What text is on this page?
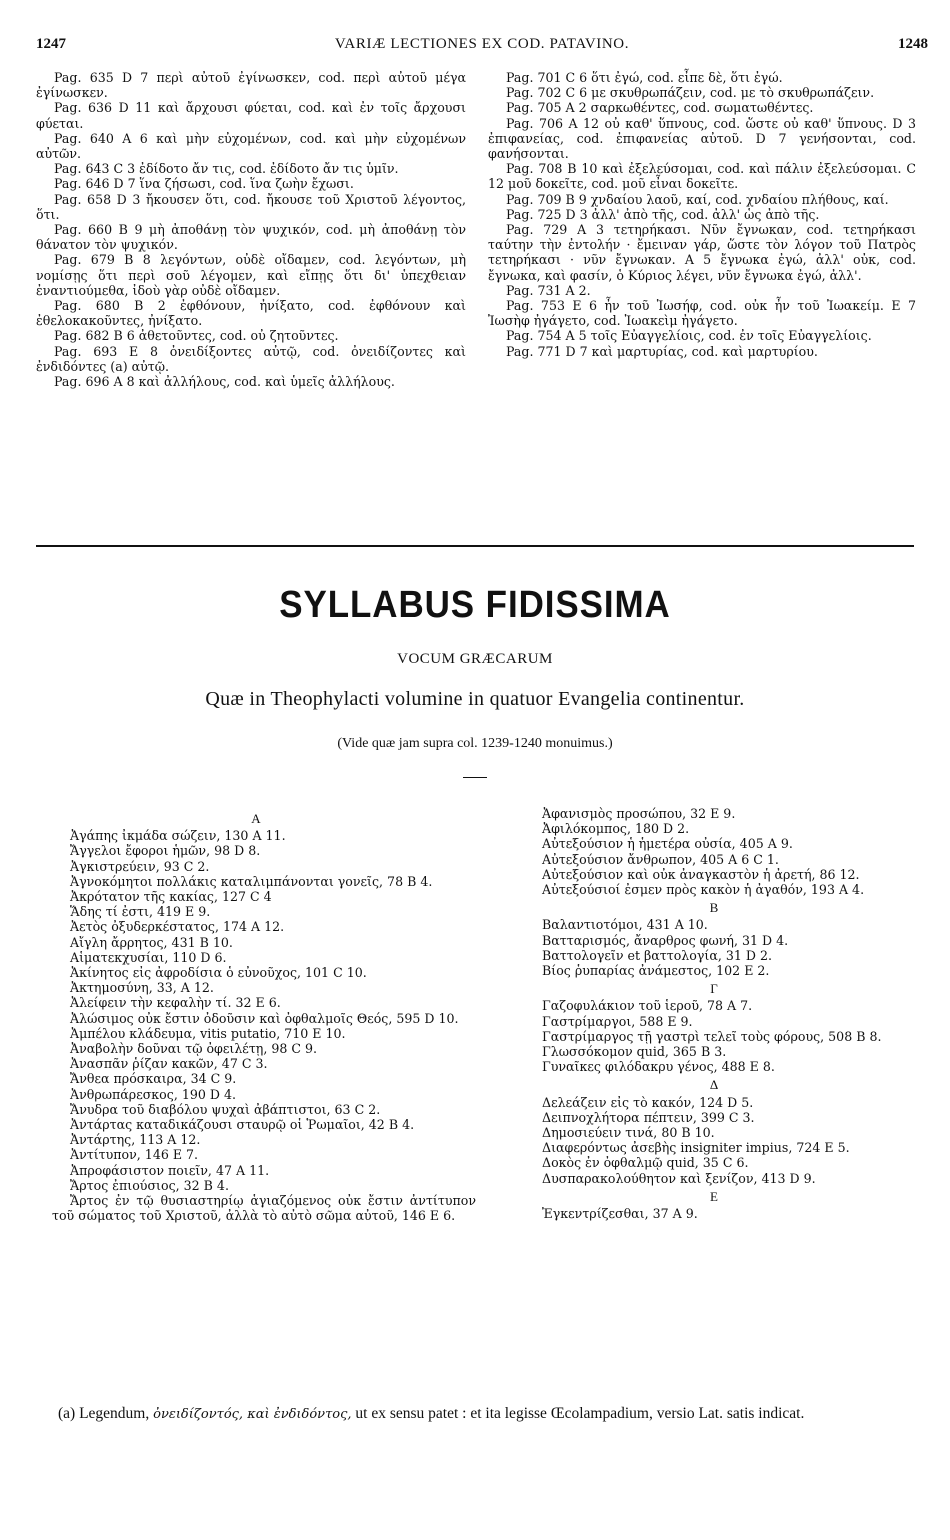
1247	VARIÆ LECTIONES EX COD. PATAVINO.	1248

Pag. 635 D 7 περὶ αὐτοῦ ἐγίνωσκεν, cod. περὶ αὐτοῦ μέγα ἐγίνωσκεν.

Pag. 636 D 11 καὶ ἄρχουσι φύεται, cod. καὶ ἐν τοῖς ἄρχουσι φύεται.

Pag. 640 A 6 καὶ μὴν εὐχομένων, cod. καὶ μὴν εὐχομένων αὐτῶν.

Pag. 643 C 3 ἐδίδοτο ἄν τις, cod. ἐδίδοτο ἄν τις ὑμῖν.

Pag. 646 D 7 ἵνα ζήσωσι, cod. ἵνα ζωὴν ἔχωσι.

Pag. 658 D 3 ἤκουσεν ὅτι, cod. ἤκουσε τοῦ Χριστοῦ λέγοντος, ὅτι.

Pag. 660 B 9 μὴ ἀποθάνῃ τὸν ψυχικόν, cod. μὴ ἀποθάνῃ τὸν θάνατον τὸν ψυχικόν.

Pag. 679 B 8 λεγόντων, οὐδὲ οἴδαμεν, cod. λεγόντων, μὴ νομίσῃς ὅτι περὶ σοῦ λέγομεν, καὶ εἴπῃς ὅτι δι' ὑπεχθειαν ἐναντιούμεθα, ἰδοὺ γὰρ οὐδὲ οἴδαμεν.

Pag. 680 B 2 ἐφθόνουν, ἠνίξατο, cod. ἐφθόνουν καὶ ἐθελοκακοῦντες, ἠνίξατο.

Pag. 682 B 6 ἀθετοῦντες, cod. οὐ ζητοῦντες.

Pag. 693 E 8 ὀνειδίξοντες αὐτῷ, cod. ὀνειδίζοντες καὶ ἐνδιδόντες (a) αὐτῷ.

Pag. 696 A 8 καὶ ἀλλήλους, cod. καὶ ὑμεῖς ἀλλήλους.

Pag. 701 C 6 ὅτι ἐγώ, cod. εἶπε δὲ, ὅτι ἐγώ.

Pag. 702 C 6 με σκυθρωπάζειν, cod. με τὸ σκυθρωπάζειν.

Pag. 705 A 2 σαρκωθέντες, cod. σωματωθέντες.

Pag. 706 A 12 οὐ καθ' ὕπνους, cod. ὥστε οὐ καθ' ὕπνους. D 3 ἐπιφανείας, cod. ἐπιφανείας αὐτοῦ. D 7 γενήσονται, cod. φανήσονται.

Pag. 708 B 10 καὶ ἐξελεύσομαι, cod. καὶ πάλιν ἐξελεύσομαι. C 12 μοῦ δοκεῖτε, cod. μοῦ εἶναι δοκεῖτε.

Pag. 709 B 9 χνδαίου λαοῦ, καί, cod. χνδαίου πλήθους, καί.

Pag. 725 D 3 ἀλλ' ἀπὸ τῆς, cod. ἀλλ' ὡς ἀπὸ τῆς.

Pag. 729 A 3 τετηρήκασι. Νῦν ἔγνωκαν, cod. τετηρήκασι ταύτην τὴν ἐντολήν · ἔμειναν γάρ, ὥστε τὸν λόγον τοῦ Πατρὸς τετηρήκασι · νῦν ἔγνωκαν. A 5 ἔγνωκα ἐγώ, ἀλλ' οὐκ, cod. ἔγνωκα, καὶ φασίν, ὁ Κύριος λέγει, νῦν ἔγνωκα ἐγώ, ἀλλ'.

Pag. 731 A 2.

Pag. 753 E 6 ἦν τοῦ Ἰωσήφ, cod. οὐκ ἦν τοῦ Ἰωακείμ. E 7 Ἰωσὴφ ἠγάγετο, cod. Ἰωακεὶμ ἠγάγετο.

Pag. 754 A 5 τοῖς Εὐαγγελίοις, cod. ἐν τοῖς Εὐαγγελίοις.

Pag. 771 D 7 καὶ μαρτυρίας, cod. καὶ μαρτυρίου.

SYLLABUS FIDISSIMA
VOCUM GRÆCARUM
Quæ in Theophylacti volumine in quatuor Evangelia continentur.
(Vide quæ jam supra col. 1239-1240 monuimus.)
A

Ἀγάπης ἰκμάδα σώζειν, 130 A 11.

Ἄγγελοι ἔφοροι ἡμῶν, 98 D 8.

Ἀγκιστρεύειν, 93 C 2.

Ἀγνοκόμητοι πολλάκις καταλιμπάνονται γονεῖς, 78 B 4.

Ἀκρότατον τῆς κακίας, 127 C 4

Ἅδης τί ἐστι, 419 E 9.

Ἀετὸς ὀξυδερκέστατος, 174 A 12.

Αἴγλη ἄρρητος, 431 B 10.

Αἱματεκχυσίαι, 110 D 6.

Ἀκίνητος εἰς ἀφροδίσια ὁ εὐνοῦχος, 101 C 10.

Ἀκτημοσύνη, 33, A 12.

Ἀλείφειν τὴν κεφαλὴν τί. 32 E 6.

Ἀλώσιμος οὐκ ἔστιν ὀδοῦσιν καὶ ὀφθαλμοῖς Θεός, 595 D 10.

Ἀμπέλου κλάδευμα, vitis putatio, 710 E 10.

Ἀναβολὴν δοῦναι τῷ ὀφειλέτῃ, 98 C 9.

Ἀνασπᾶν ῥίζαν κακῶν, 47 C 3.

Ἄνθεα πρόσκαιρα, 34 C 9.

Ἀνθρωπάρεσκος, 190 D 4.

Ἄνυδρα τοῦ διαβόλου ψυχαὶ ἀβάπτιστοι, 63 C 2.

Ἀντάρτας καταδικάζουσι σταυρῷ οἱ Ῥωμαῖοι, 42 B 4.

Ἀντάρτης, 113 A 12.

Ἀντίτυπον, 146 E 7.

Ἀπροφάσιστον ποιεῖν, 47 A 11.

Ἄρτος ἐπιούσιος, 32 B 4.

Ἄρτος ἐν τῷ θυσιαστηρίῳ ἁγιαζόμενος οὐκ ἔστιν ἀντίτυπον τοῦ σώματος τοῦ Χριστοῦ, ἀλλὰ τὸ αὐτὸ σῶμα αὐτοῦ, 146 E 6.

Ἀφανισμὸς προσώπου, 32 E 9.

Ἀφιλόκομπος, 180 D 2.

Αὐτεξούσιον ἡ ἡμετέρα οὐσία, 405 A 9.

Αὐτεξούσιον ἄνθρωπον, 405 A 6 C 1.

Αὐτεξούσιον καὶ οὐκ ἀναγκαστὸν ἡ ἀρετή, 86 12.

Αὐτεξούσιοί ἐσμεν πρὸς κακὸν ἡ ἀγαθόν, 193 A 4.

B

Βαλαντιοτόμοι, 431 A 10.

Βατταρισμός, ἄναρθρος φωνή, 31 D 4.

Βαττολογεῖν et βαττολογία, 31 D 2.

Βίος ῥυπαρίας ἀνάμεστος, 102 E 2.

Γ

Γαζοφυλάκιον τοῦ ἱεροῦ, 78 A 7.

Γαστρίμαργοι, 588 E 9.

Γαστρίμαργος τῇ γαστρὶ τελεῖ τοὺς φόρους, 508 B 8.

Γλωσσόκομον quid, 365 B 3.

Γυναῖκες φιλόδακρυ γένος, 488 E 8.

Δ

Δελεάζειν εἰς τὸ κακόν, 124 D 5.

Δειπνοχλήτορα πέπτειν, 399 C 3.

Δημοσιεύειν τινά, 80 B 10.

Διαφερόντως ἀσεβὴς insigniter impius, 724 E 5.

Δοκὸς ἐν ὀφθαλμῷ quid, 35 C 6.

Δυσπαρακολούθητον καὶ ξενίζον, 413 D 9.

E

Ἐγκεντρίζεσθαι, 37 A 9.

(a) Legendum, ὀνειδίζοντός, καὶ ἐνδιδόντος, ut ex sensu patet : et ita legisse Œcolampadium, versio Lat. satis indicat.
